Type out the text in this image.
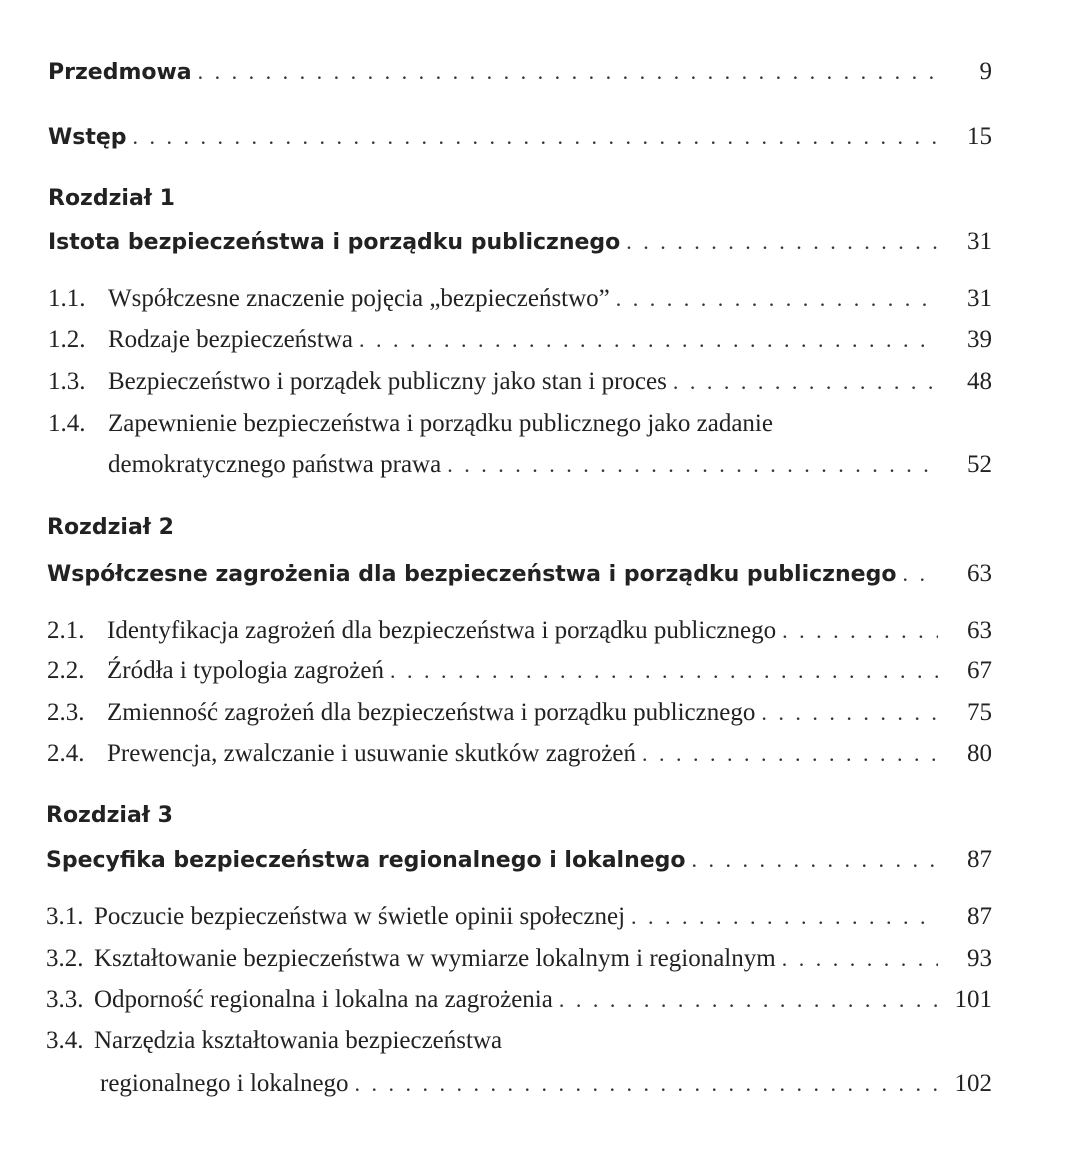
Przedmowa . . .	9
Wstęp . . .	15
Rozdział 1
Istota bezpieczeństwa i porządku publicznego . . .	31
1.1. Współczesne znaczenie pojęcia „bezpieczeństwo” . . .	31
1.2. Rodzaje bezpieczeństwa . . .	39
1.3. Bezpieczeństwo i porządek publiczny jako stan i proces . . .	48
1.4. Zapewnienie bezpieczeństwa i porządku publicznego jako zadanie
demokratycznego państwa prawa . . .	52
Rozdział 2
Współczesne zagrożenia dla bezpieczeństwa i porządku publicznego . . .	63
2.1. Identyfikacja zagrożeń dla bezpieczeństwa i porządku publicznego . . .	63
2.2. Źródła i typologia zagrożeń . . .	67
2.3. Zmienność zagrożeń dla bezpieczeństwa i porządku publicznego . . .	75
2.4. Prewencja, zwalczanie i usuwanie skutków zagrożeń . . .	80
Rozdział 3
Specyfika bezpieczeństwa regionalnego i lokalnego . . .	87
3.1. Poczucie bezpieczeństwa w świetle opinii społecznej . . .	87
3.2. Kształtowanie bezpieczeństwa w wymiarze lokalnym i regionalnym . . .	93
3.3. Odporność regionalna i lokalna na zagrożenia . . .	101
3.4. Narzędzia kształtowania bezpieczeństwa
regionalnego i lokalnego . . .	102
